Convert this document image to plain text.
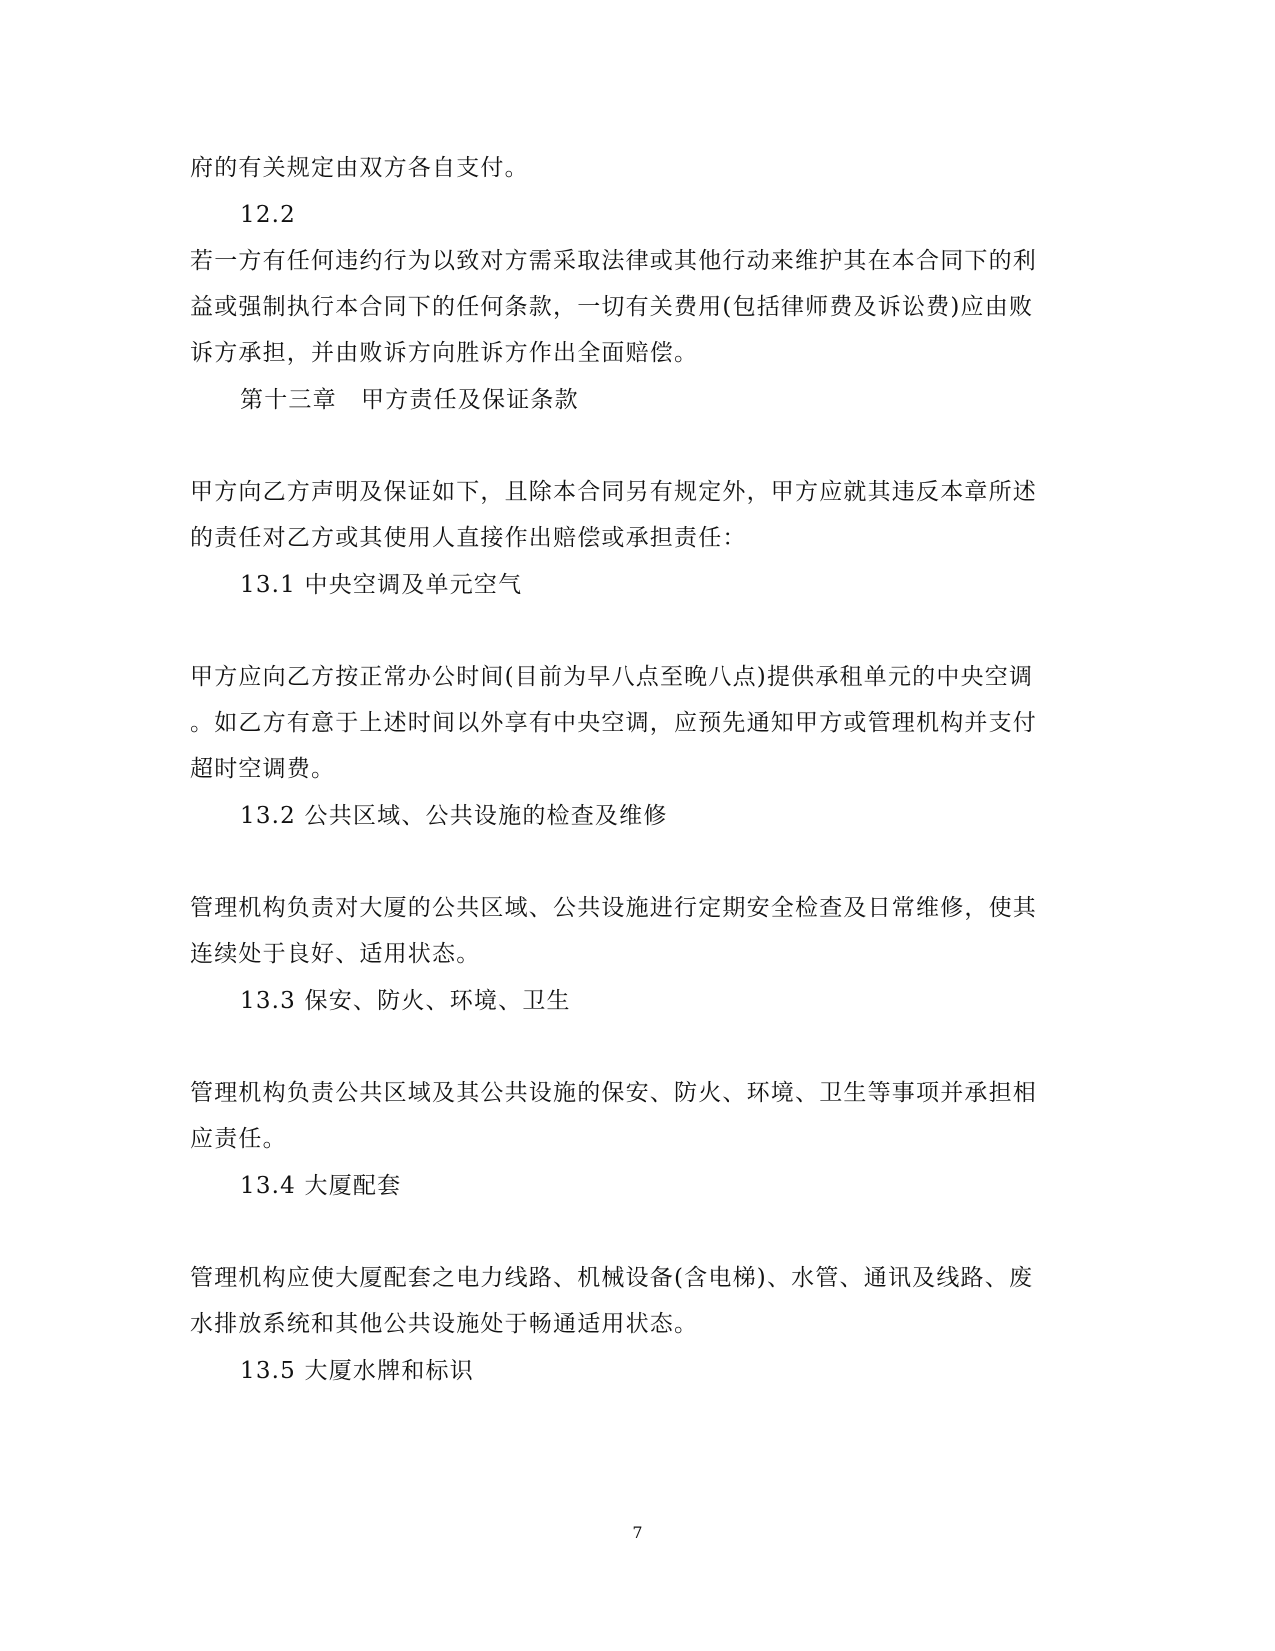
府的有关规定由双方各自支付。
12.2
若一方有任何违约行为以致对方需采取法律或其他行动来维护其在本合同下的利
益或强制执行本合同下的任何条款，一切有关费用(包括律师费及诉讼费)应由败
诉方承担，并由败诉方向胜诉方作出全面赔偿。
第十三章　甲方责任及保证条款
甲方向乙方声明及保证如下，且除本合同另有规定外，甲方应就其违反本章所述
的责任对乙方或其使用人直接作出赔偿或承担责任：
13.1 中央空调及单元空气
甲方应向乙方按正常办公时间(目前为早八点至晚八点)提供承租单元的中央空调
。如乙方有意于上述时间以外享有中央空调，应预先通知甲方或管理机构并支付
超时空调费。
13.2 公共区域、公共设施的检查及维修
管理机构负责对大厦的公共区域、公共设施进行定期安全检查及日常维修，使其
连续处于良好、适用状态。
13.3 保安、防火、环境、卫生
管理机构负责公共区域及其公共设施的保安、防火、环境、卫生等事项并承担相
应责任。
13.4 大厦配套
管理机构应使大厦配套之电力线路、机械设备(含电梯)、水管、通讯及线路、废
水排放系统和其他公共设施处于畅通适用状态。
13.5 大厦水牌和标识
7
